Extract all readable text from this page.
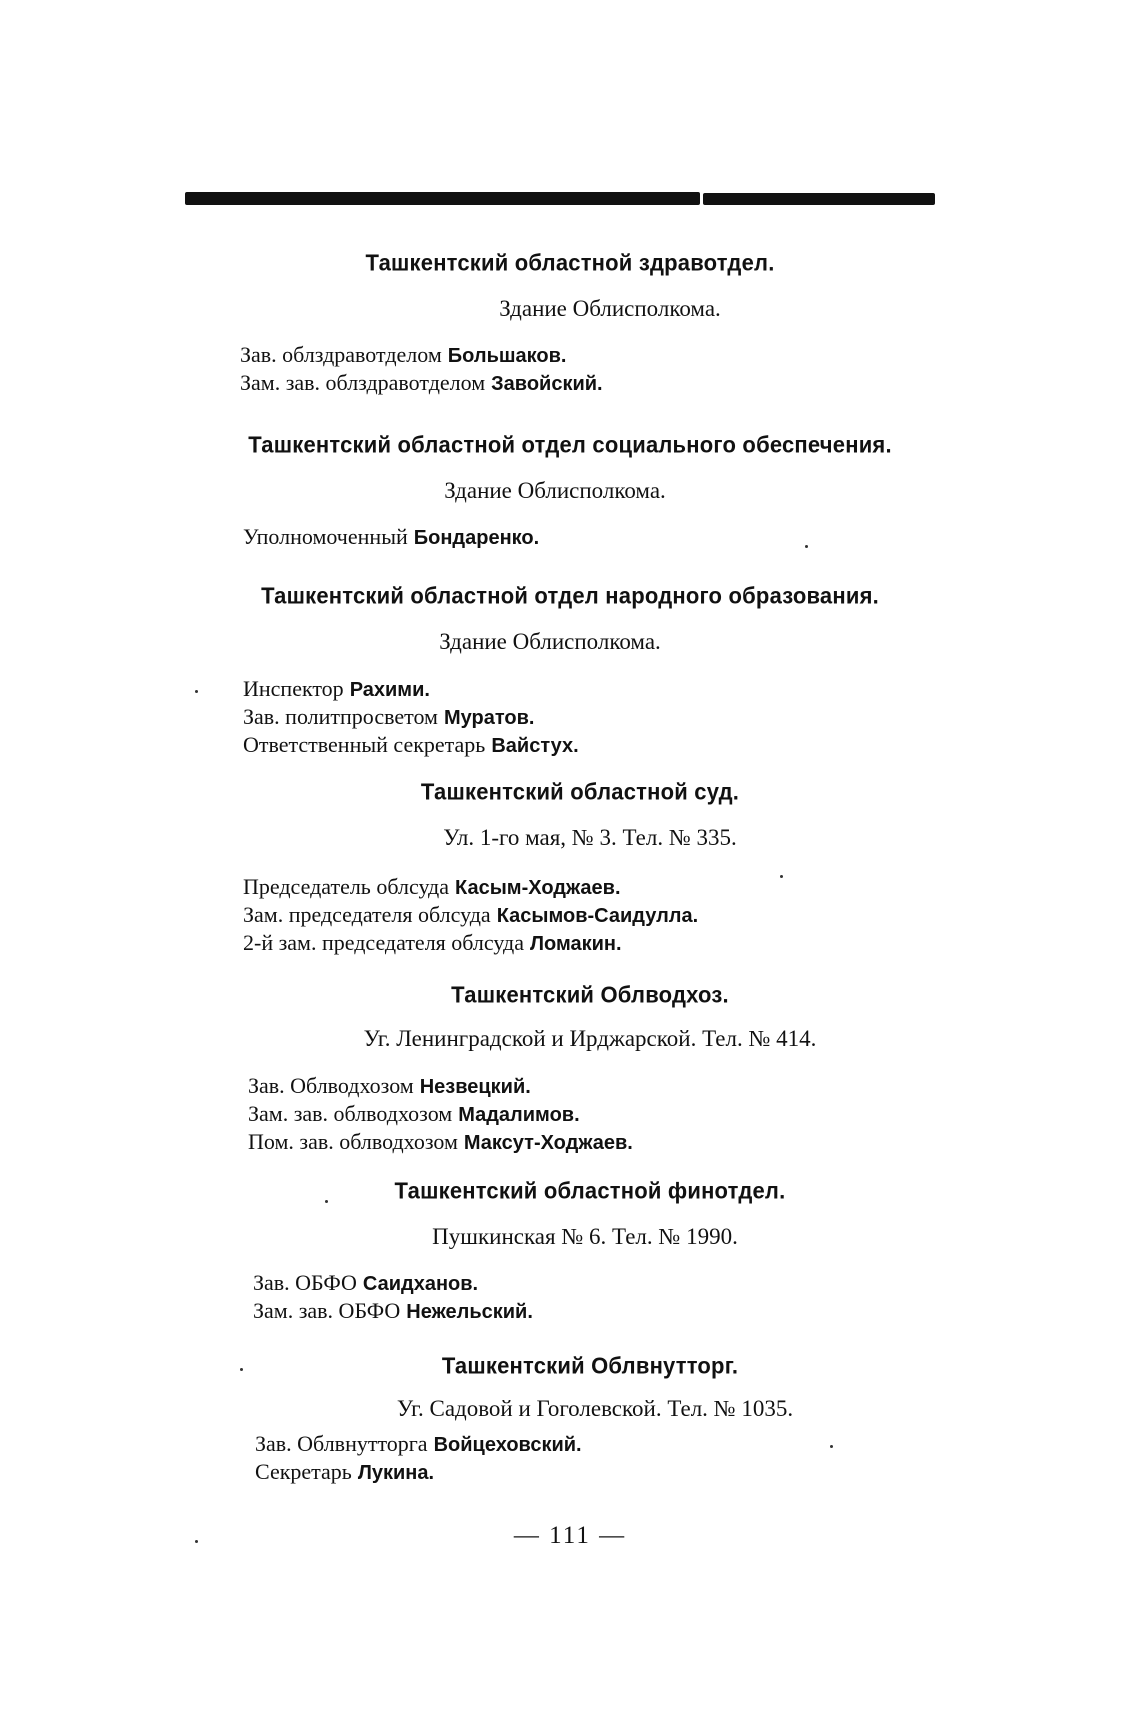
Ташкентский областной здравотдел.
Здание Облисполкома.
Зав. облздравотделом Большаков.
Зам. зав. облздравотделом Завойский.
Ташкентский областной отдел социального обеспечения.
Здание Облисполкома.
Уполномоченный Бондаренко.
Ташкентский областной отдел народного образования.
Здание Облисполкома.
Инспектор Рахими.
Зав. политпросветом Муратов.
Ответственный секретарь Вайстух.
Ташкентский областной суд.
Ул. 1-го мая, № 3. Тел. № 335.
Председатель облсуда Касым-Ходжаев.
Зам. председателя облсуда Касымов-Саидулла.
2-й зам. председателя облсуда Ломакин.
Ташкентский Облводхоз.
Уг. Ленинградской и Ирджарской. Тел. № 414.
Зав. Облводхозом Незвецкий.
Зам. зав. облводхозом Мадалимов.
Пом. зав. облводхозом Максут-Ходжаев.
Ташкентский областной финотдел.
Пушкинская № 6. Тел. № 1990.
Зав. ОБФО Саидханов.
Зам. зав. ОБФО Нежельский.
Ташкентский Облвнутторг.
Уг. Садовой и Гоголевской. Тел. № 1035.
Зав. Облвнутторга Войцеховский.
Секретарь Лукина.
— 111 —
